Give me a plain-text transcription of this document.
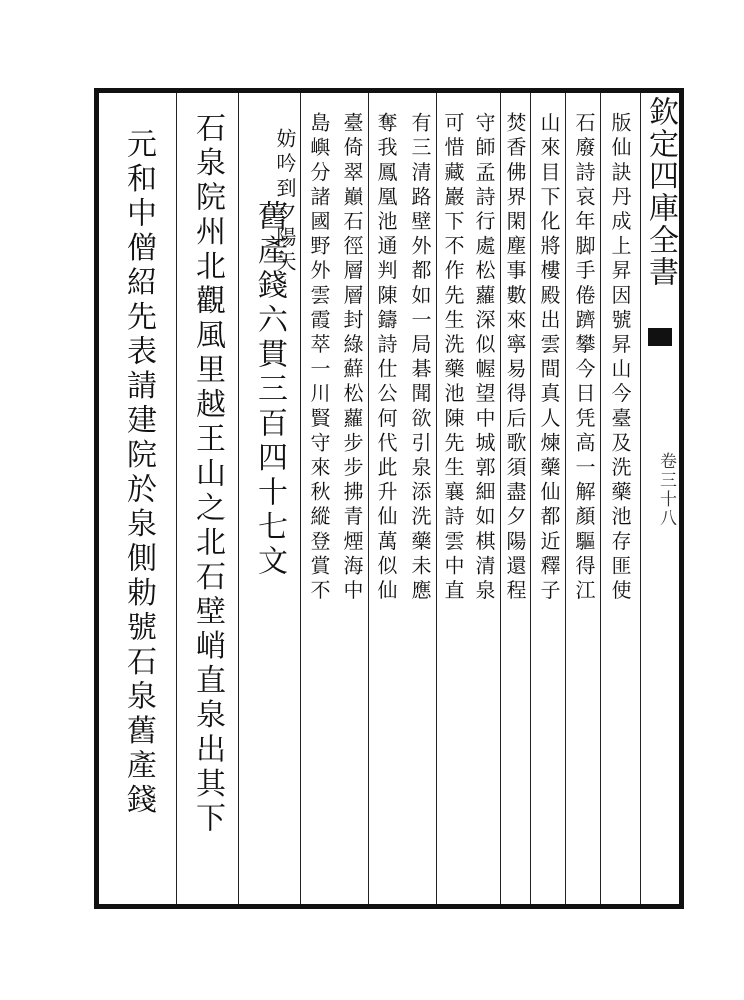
欽定四庫全書
卷三十八
版仙訣丹成上昇因號昇山今臺及洗藥池存匪使
石廢詩哀年脚手倦躋攀今日凭高一解顏驅得江
山來目下化將樓殿出雲間真人煉藥仙都近釋子
焚香佛界閑塵事數來寧易得后歌須盡夕陽還程
守師孟詩行處松蘿深似幄望中城郭細如棋清泉
可惜藏巖下不作先生洗藥池陳先生襄詩雲中直
有三清路壁外都如一局碁聞欲引泉添洗藥未應
奪我鳳凰池通判陳鑄詩仕公何代此升仙萬似仙
臺倚翠巔石徑層層封綠蘚松蘿步步拂青煙海中
島嶼分諸國野外雲霞萃一川賢守來秋縱登賞不
妨吟到夕陽天
舊產錢六貫三百四十七文
石泉院州北觀風里越王山之北石壁峭直泉出其下
元和中僧紹先表請建院於泉側勅號石泉舊產錢
